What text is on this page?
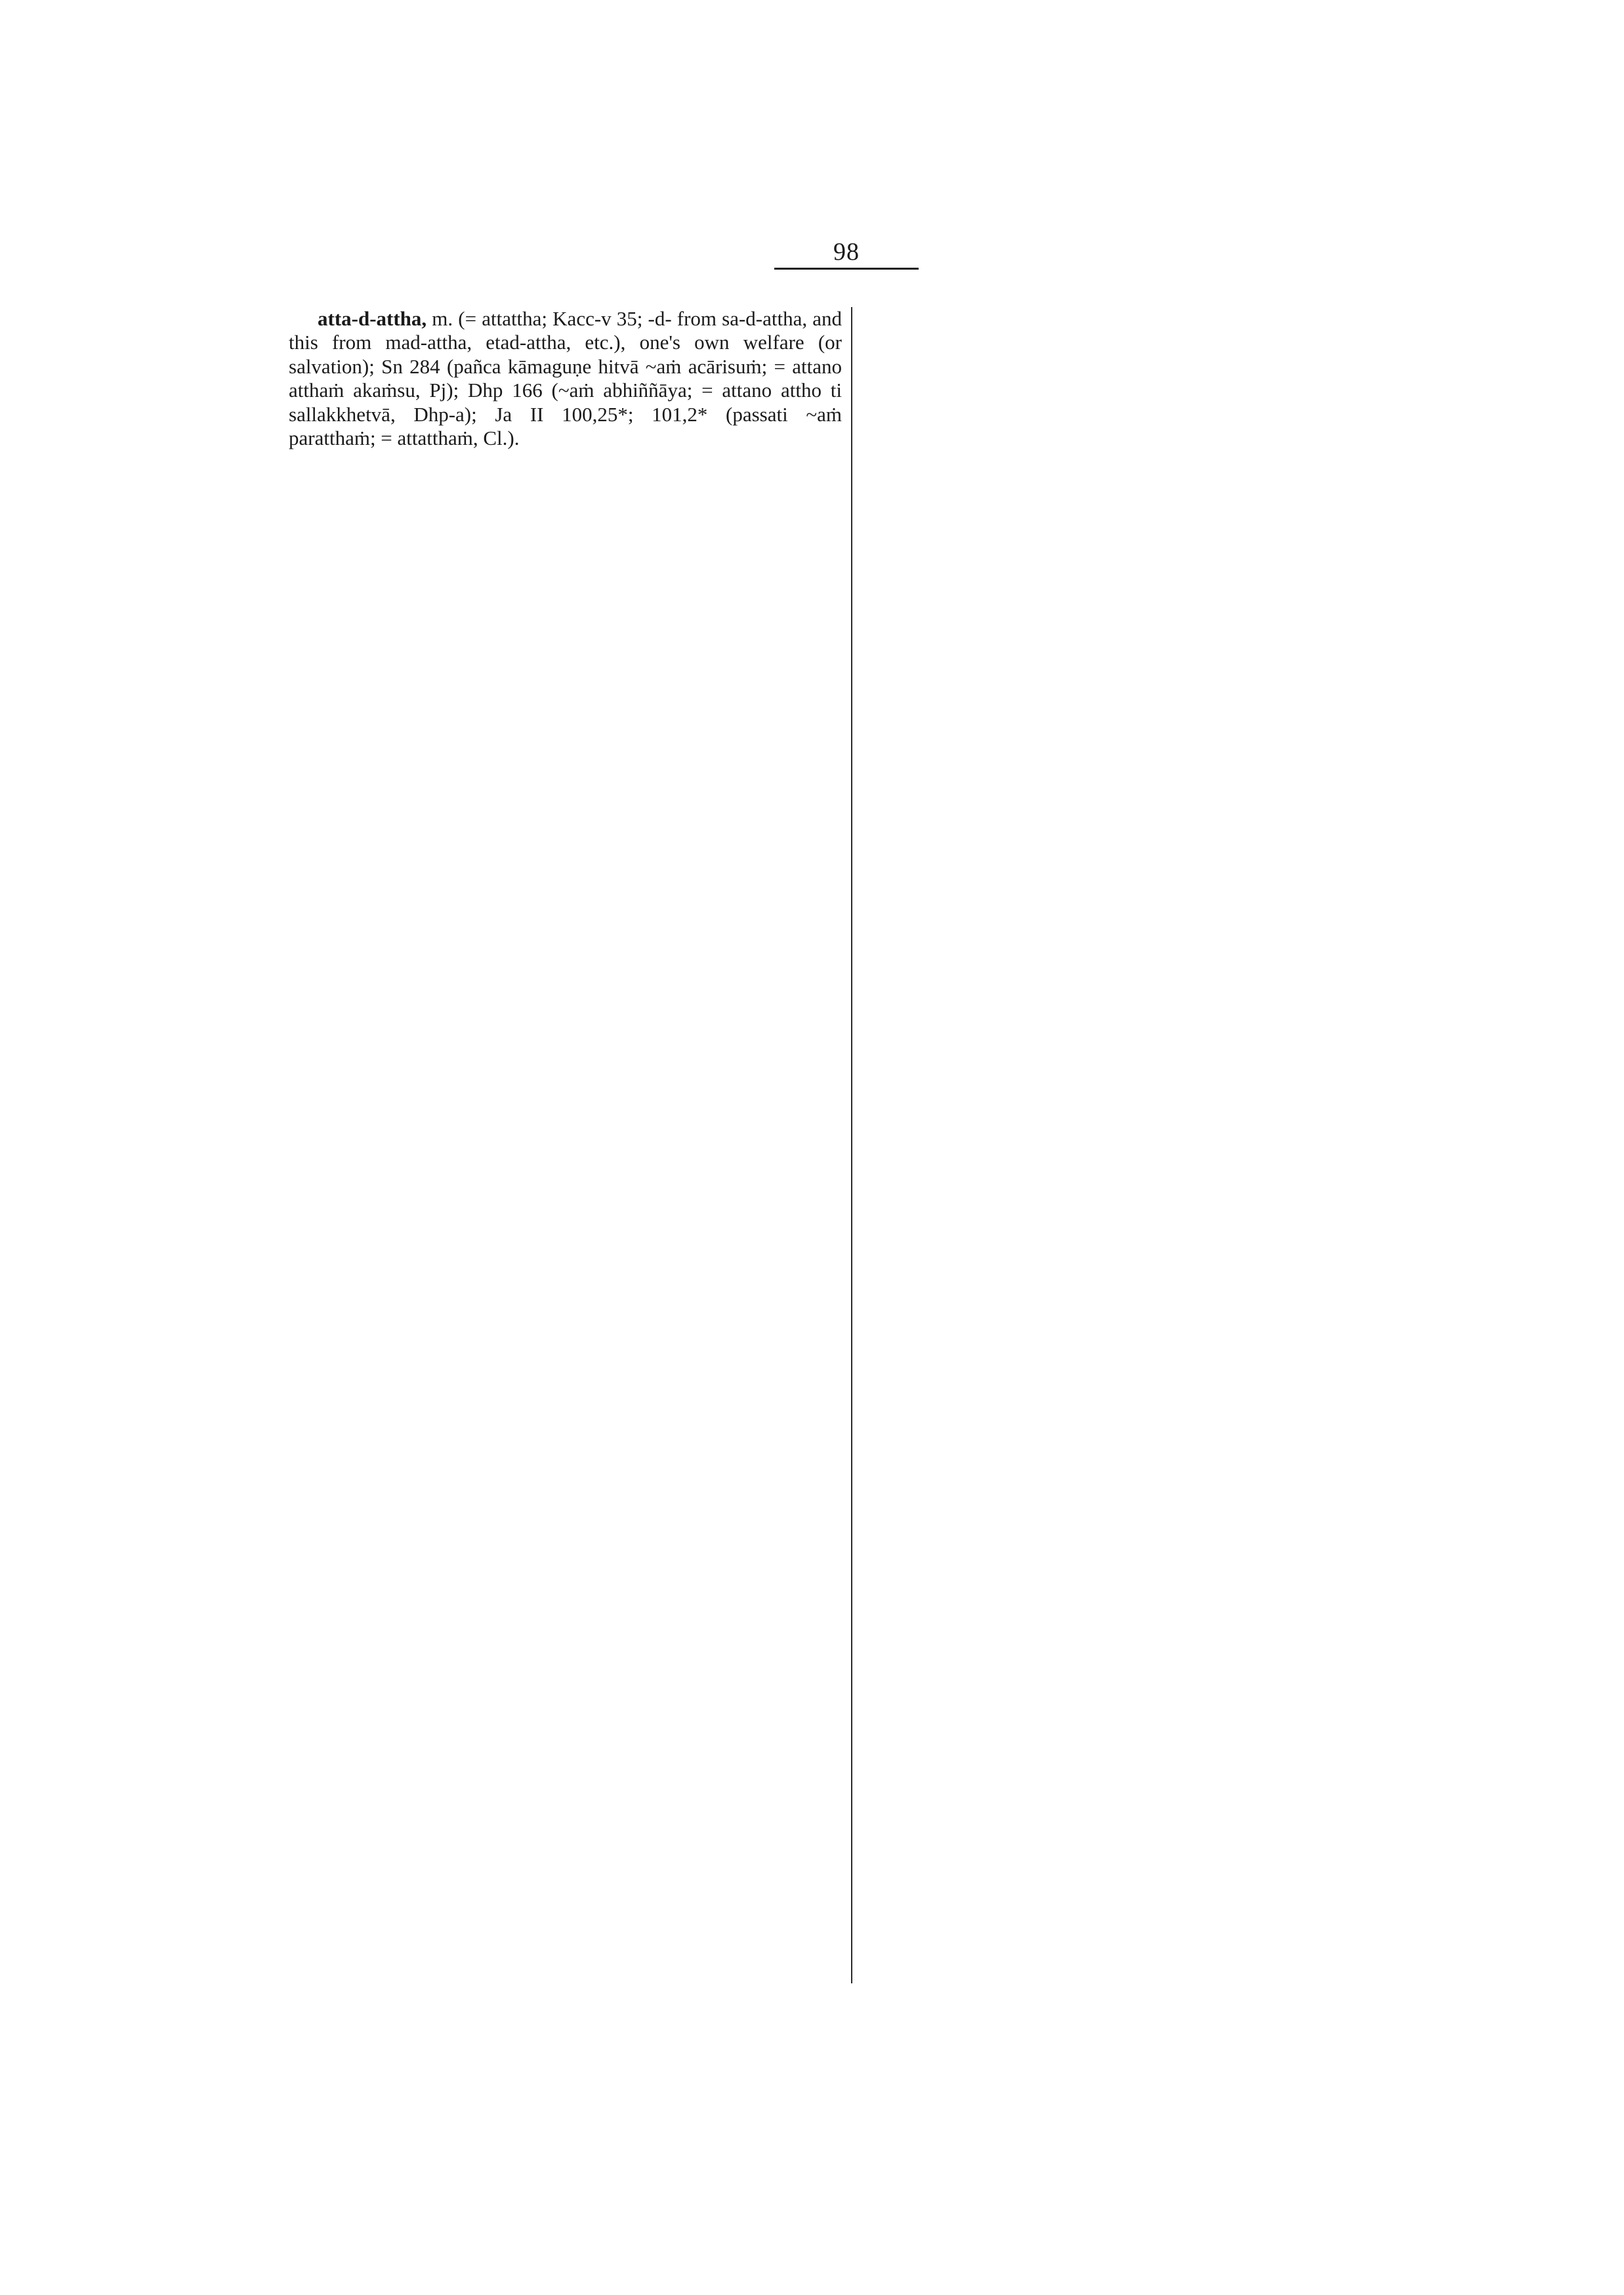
98

atta-d-attha, m. (= attattha; Kacc-v 35; -d- from sa-d-attha, and this from mad-attha, etad-attha, etc.), one's own welfare (or salvation); Sn 284 (pañca kāmaguṇe hitvā ~aṁ acārisuṁ; = attano atthaṁ akaṁsu, Pj); Dhp 166 (~aṁ abhiññāya; = attano attho ti sallakkhetvā, Dhp-a); Ja II 100,25*; 101,2* (passati ~aṁ paratthaṁ; = attatthaṁ, Cl.).
